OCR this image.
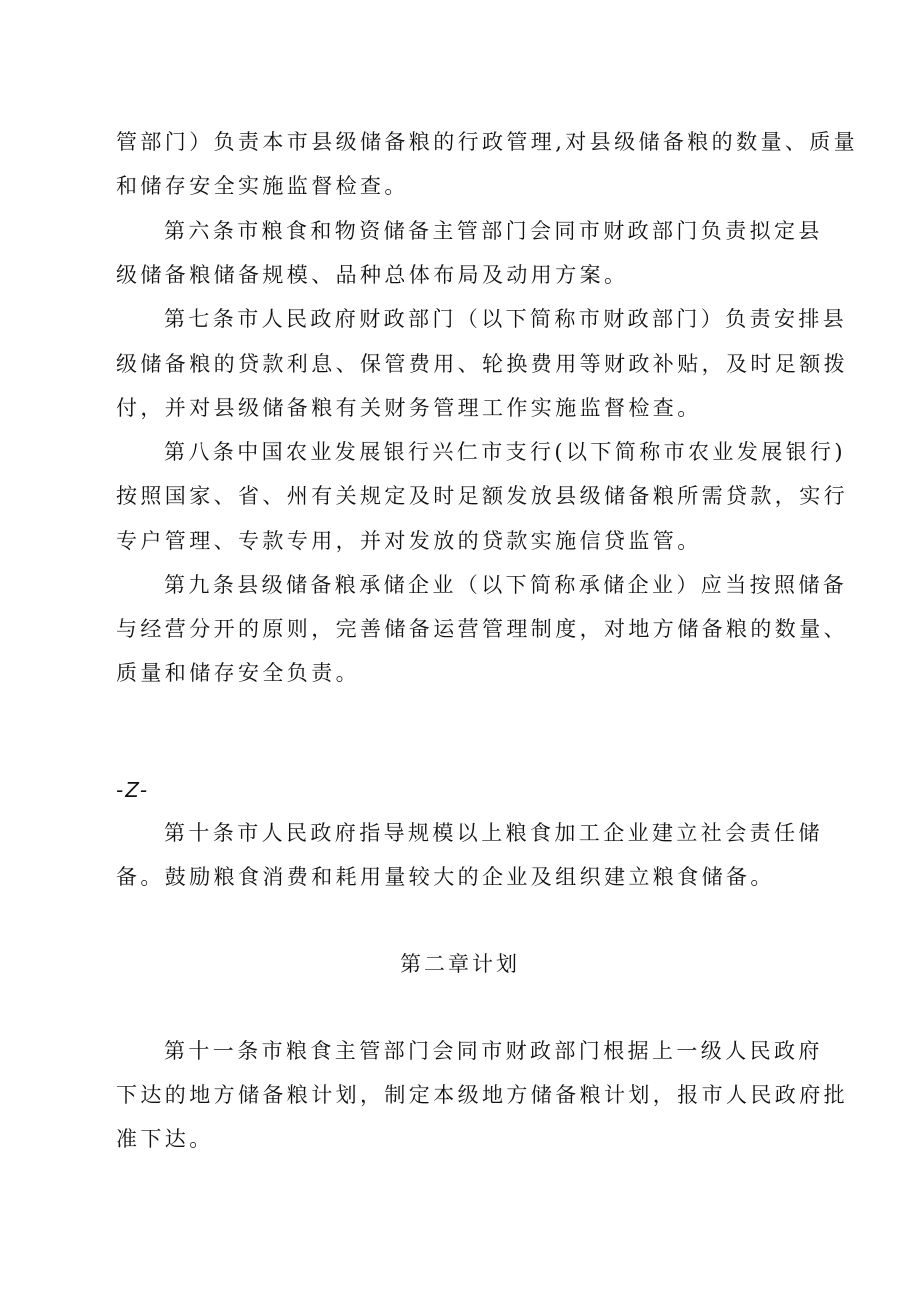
管部门）负责本市县级储备粮的行政管理,对县级储备粮的数量、质量
和储存安全实施监督检查。
第六条市粮食和物资储备主管部门会同市财政部门负责拟定县
级储备粮储备规模、品种总体布局及动用方案。
第七条市人民政府财政部门（以下简称市财政部门）负责安排县
级储备粮的贷款利息、保管费用、轮换费用等财政补贴，及时足额拨
付，并对县级储备粮有关财务管理工作实施监督检查。
第八条中国农业发展银行兴仁市支行(以下简称市农业发展银行)
按照国家、省、州有关规定及时足额发放县级储备粮所需贷款，实行
专户管理、专款专用，并对发放的贷款实施信贷监管。
第九条县级储备粮承储企业（以下简称承储企业）应当按照储备
与经营分开的原则，完善储备运营管理制度，对地方储备粮的数量、
质量和储存安全负责。
-Z-
第十条市人民政府指导规模以上粮食加工企业建立社会责任储
备。鼓励粮食消费和耗用量较大的企业及组织建立粮食储备。
第二章计划
第十一条市粮食主管部门会同市财政部门根据上一级人民政府
下达的地方储备粮计划，制定本级地方储备粮计划，报市人民政府批
准下达。
